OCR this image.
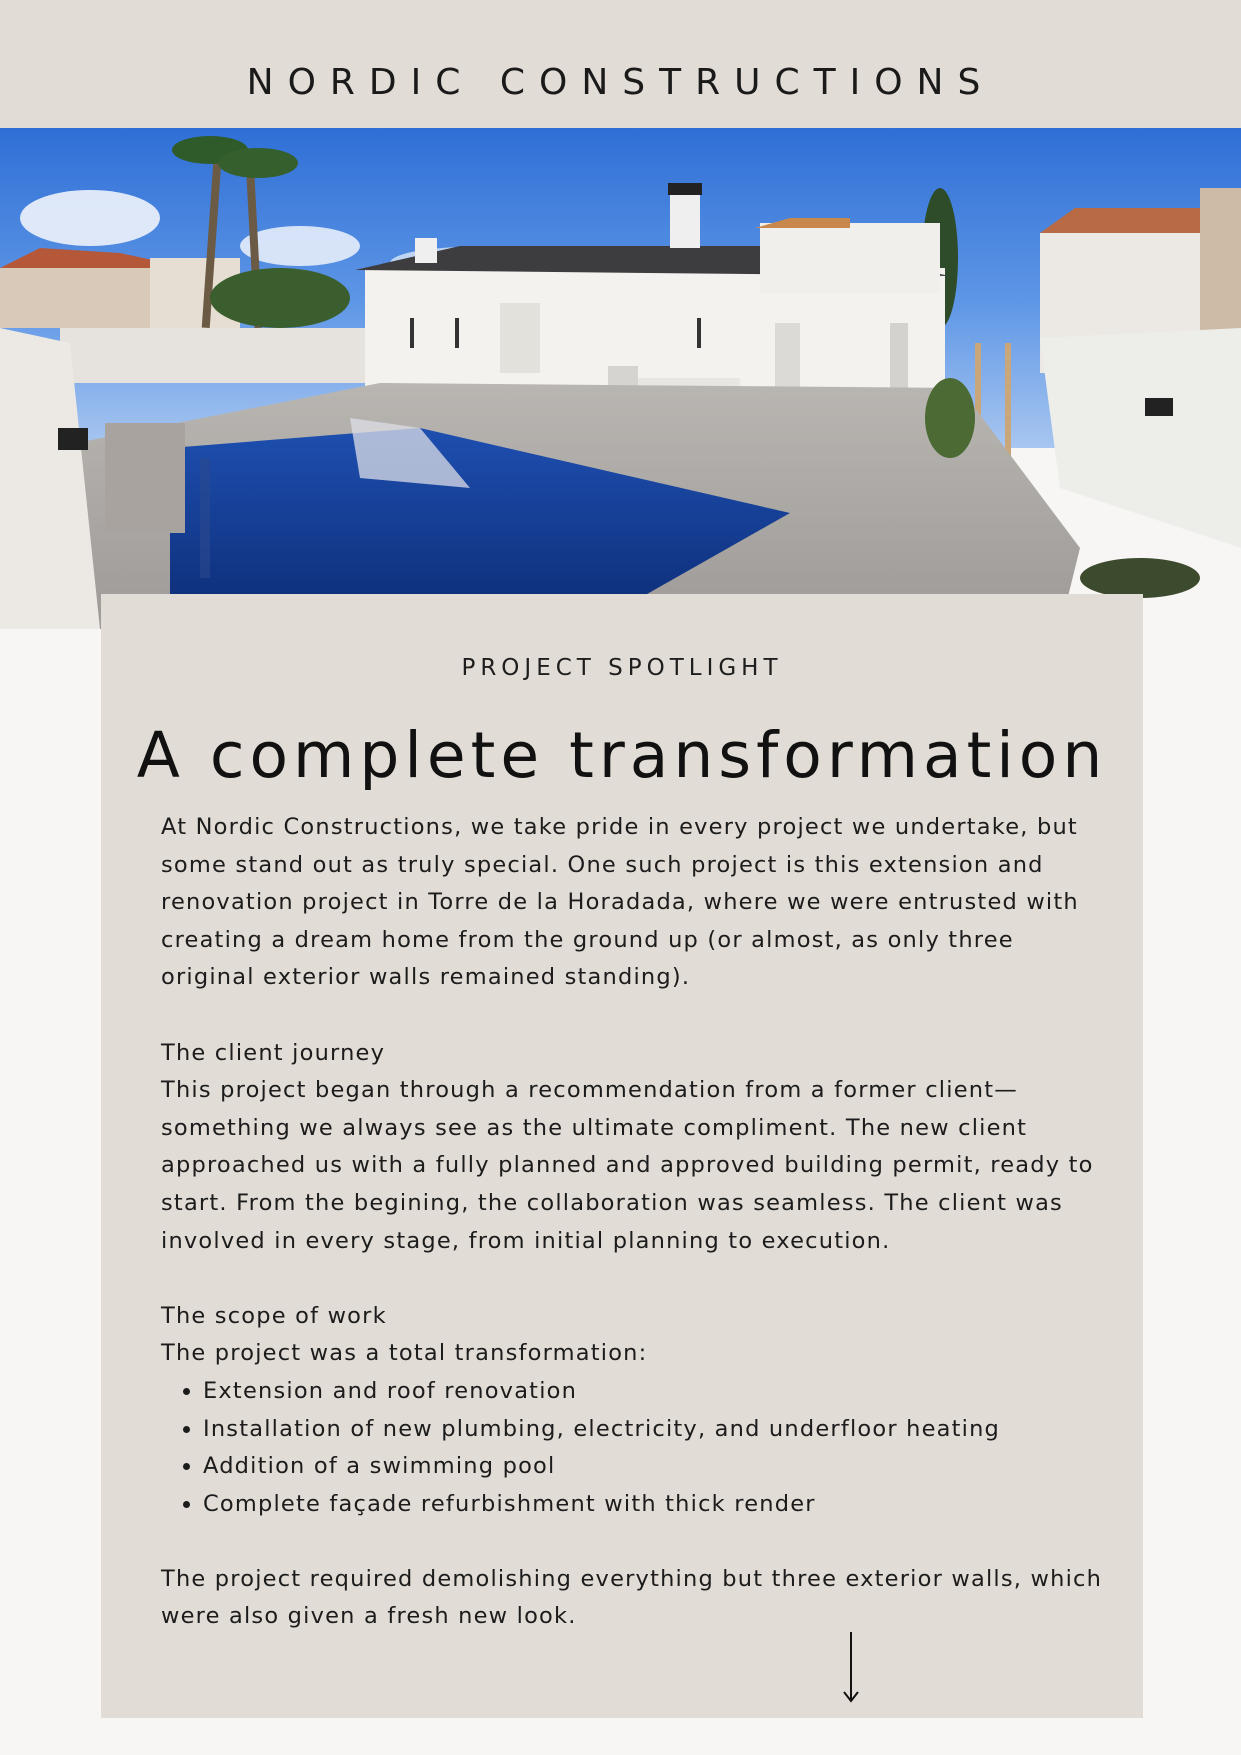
NORDIC CONSTRUCTIONS
PROJECT SPOTLIGHT
A complete transformation

At Nordic Constructions, we take pride in every project we undertake, but some stand out as truly special. One such project is this extension and renovation project in Torre de la Horadada, where we were entrusted with creating a dream home from the ground up (or almost, as only three original exterior walls remained standing).

The client journey

This project began through a recommendation from a former client—something we always see as the ultimate compliment. The new client approached us with a fully planned and approved building permit, ready to start. From the begining, the collaboration was seamless. The client was involved in every stage, from initial planning to execution.

The scope of work

The project was a total transformation:

• Extension and roof renovation
• Installation of new plumbing, electricity, and underfloor heating
• Addition of a swimming pool
• Complete façade refurbishment with thick render

The project required demolishing everything but three exterior walls, which were also given a fresh new look.
